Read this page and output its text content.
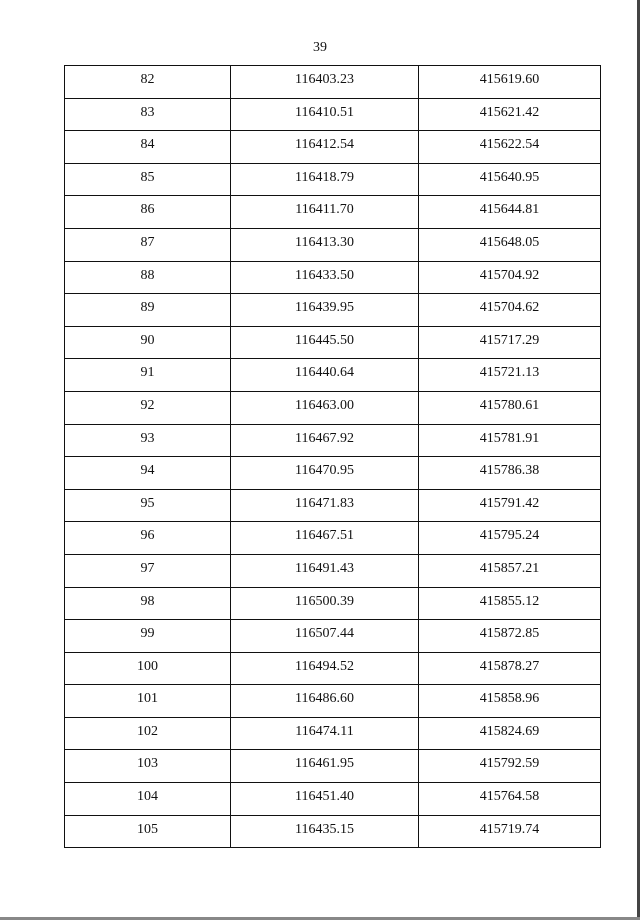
39
82	116403.23	415619.60

83	116410.51	415621.42

84	116412.54	415622.54

85	116418.79	415640.95

86	116411.70	415644.81

87	116413.30	415648.05

88	116433.50	415704.92

89	116439.95	415704.62

90	116445.50	415717.29

91	116440.64	415721.13

92	116463.00	415780.61

93	116467.92	415781.91

94	116470.95	415786.38

95	116471.83	415791.42

96	116467.51	415795.24

97	116491.43	415857.21

98	116500.39	415855.12

99	116507.44	415872.85

100	116494.52	415878.27

101	116486.60	415858.96

102	116474.11	415824.69

103	116461.95	415792.59

104	116451.40	415764.58

105	116435.15	415719.74
